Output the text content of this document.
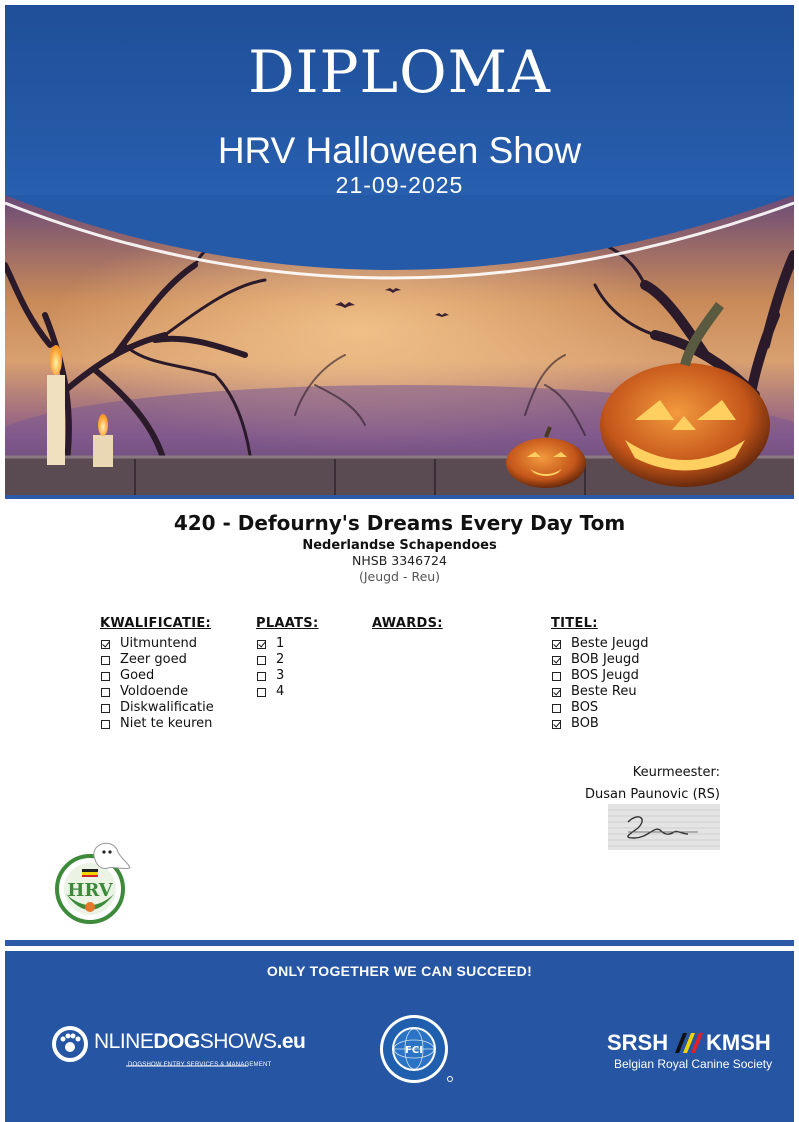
DIPLOMA
HRV Halloween Show
21-09-2025
420 - Defourny's Dreams Every Day Tom
Nederlandse Schapendoes
NHSB 3346724
(Jeugd - Reu)
KWALIFICATIE:
Uitmuntend
Zeer goed
Goed
Voldoende
Diskwalificatie
Niet te keuren
PLAATS:
1
2
3
4
AWARDS:	TITEL:
Beste Jeugd
BOB Jeugd
BOS Jeugd
Beste Reu
BOS
BOB
Keurmeester:
Dusan Paunovic (RS)
HRV
ONLY TOGETHER WE CAN SUCCEED!
NLINEDOGSHOWS.eu
DOGSHOW ENTRY SERVICES & MANAGEMENT
FCI	SRSH KMSH
Belgian Royal Canine Society
